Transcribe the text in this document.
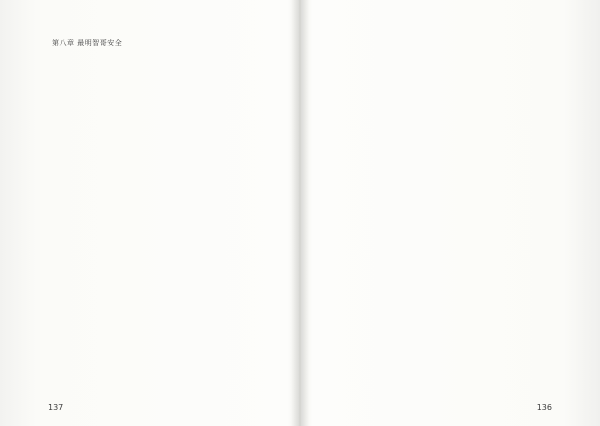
第八章 最明智哥安全
137	136
